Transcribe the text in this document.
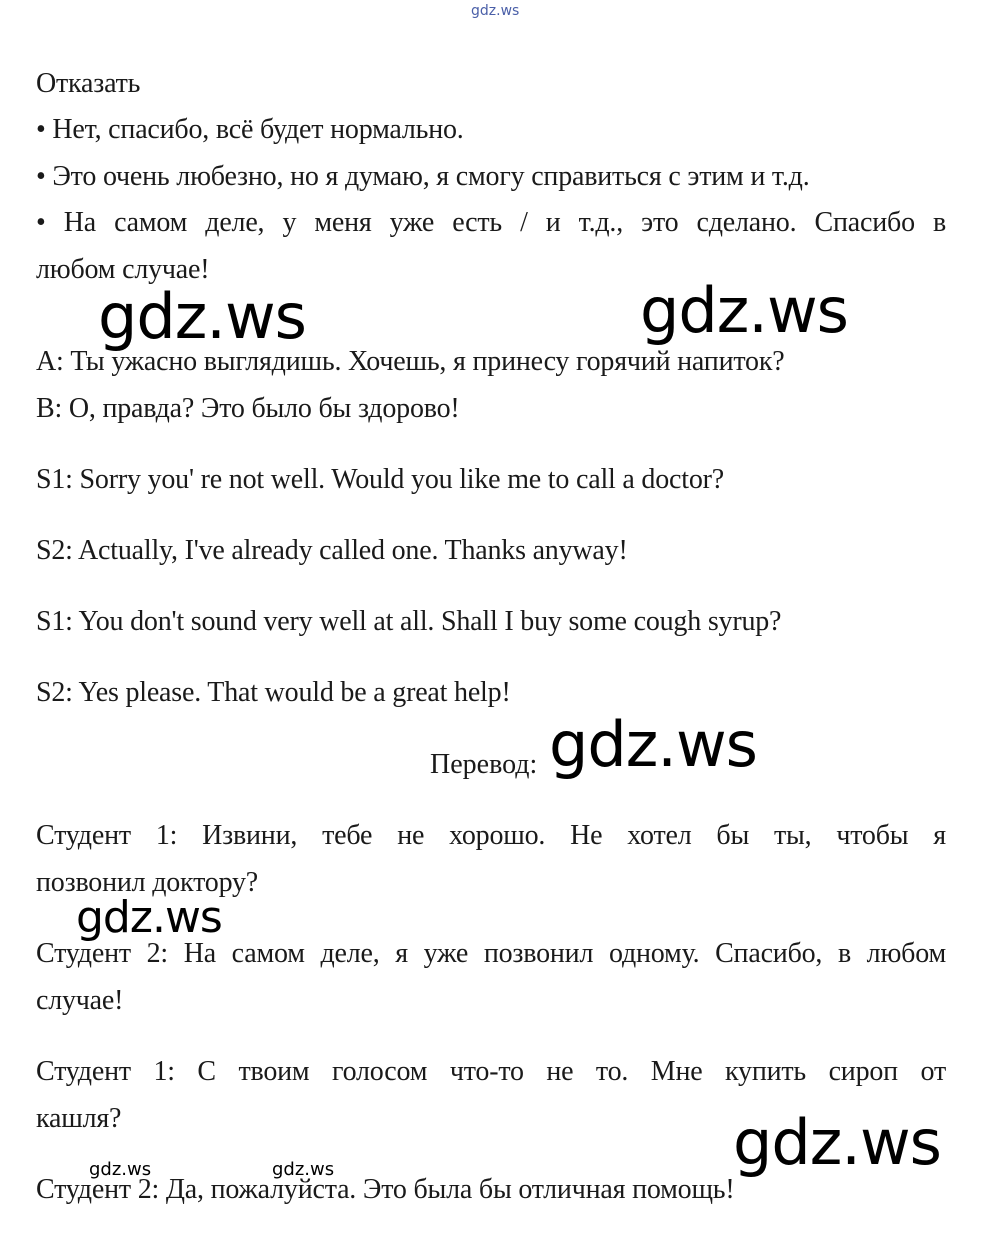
gdz.ws
Отказать
• Нет, спасибо, всё будет нормально.
• Это очень любезно, но я думаю, я смогу справиться с этим и т.д.
• На самом деле, у меня уже есть / и т.д., это сделано. Спасибо в
любом случае!
gdz.ws	gdz.ws
А: Ты ужасно выглядишь. Хочешь, я принесу горячий напиток?
В: О, правда? Это было бы здорово!
S1: Sorry you' re not well. Would you like me to call a doctor?
S2: Actually, I've already called one. Thanks anyway!
S1: You don't sound very well at all. Shall I buy some cough syrup?
S2: Yes please. That would be a great help!
Перевод: gdz.ws
Студент 1: Извини, тебе не хорошо. Не хотел бы ты, чтобы я
позвонил доктору?
gdz.ws
Студент 2: На самом деле, я уже позвонил одному. Спасибо, в любом
случае!
Студент 1: С твоим голосом что-то не то. Мне купить сироп от
кашля?	gdz.ws
gdz.ws	gdz.ws
Студент 2: Да, пожалуйста. Это была бы отличная помощь!
